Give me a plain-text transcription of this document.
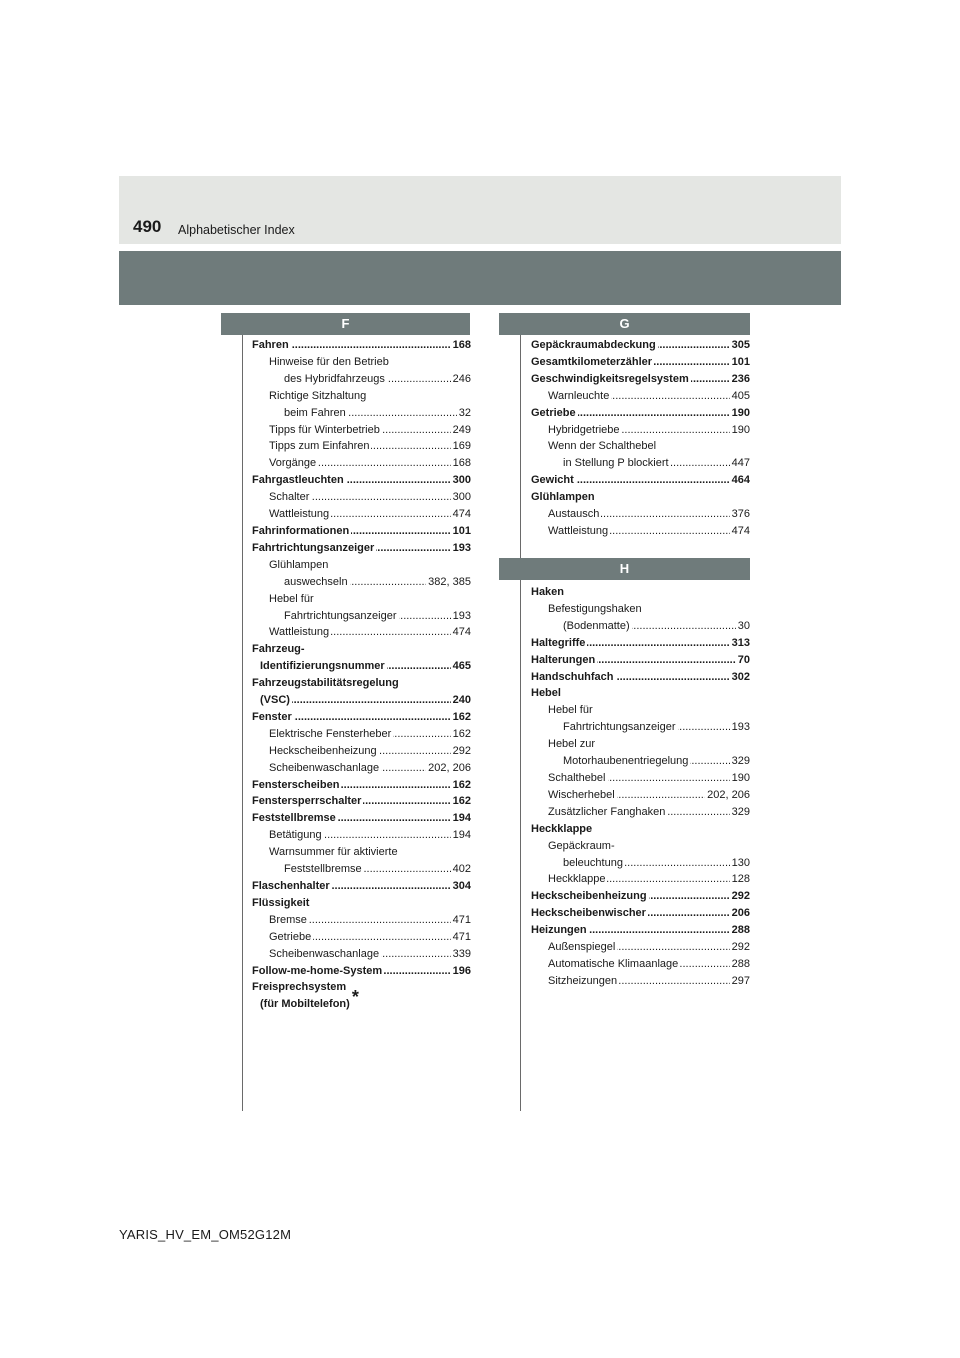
490 Alphabetischer Index
F	G
H
Fahren	168
.....
Hinweise für den Betrieb
des Hybridfahrzeugs	246
.....
Richtige Sitzhaltung
beim Fahren	32
.....
Tipps für Winterbetrieb	249
.....
Tipps zum Einfahren	169
.....
Vorgänge	168
.....
Fahrgastleuchten	300
.....
Schalter	300
.....
Wattleistung	474
.....
Fahrinformationen	101
.....
Fahrtrichtungsanzeiger	193
.....
Glühlampen
auswechseln	382, 385
.....
Hebel für
Fahrtrichtungsanzeiger	193
.....
Wattleistung	474
.....
Fahrzeug-
Identifizierungsnummer	465
.....
Fahrzeugstabilitätsregelung
(VSC)	240
.....
Fenster	162
.....
Elektrische Fensterheber	162
.....
Heckscheibenheizung	292
.....
Scheibenwaschanlage	202, 206
.....
Fensterscheiben	162
.....
Fenstersperrschalter	162
.....
Feststellbremse	194
.....
Betätigung	194
.....
Warnsummer für aktivierte
Feststellbremse	402
.....
Flaschenhalter	304
.....
Flüssigkeit
Bremse	471
.....
Getriebe	471
.....
Scheibenwaschanlage	339
.....
Follow-me-home-System	196
.....
Freisprechsystem
(für Mobiltelefon) *
Gepäckraumabdeckung	305
.....
Gesamtkilometerzähler	101
.....
Geschwindigkeitsregelsystem	236
.....
Warnleuchte	405
.....
Getriebe	190
.....
Hybridgetriebe	190
.....
Wenn der Schalthebel
in Stellung P blockiert	447
.....
Gewicht	464
.....
Glühlampen
Austausch	376
.....
Wattleistung	474
.....
Haken
Befestigungshaken
(Bodenmatte)	30
.....
Haltegriffe	313
.....
Halterungen	70
.....
Handschuhfach	302
.....
Hebel
Hebel für
Fahrtrichtungsanzeiger	193
.....
Hebel zur
Motorhaubenentriegelung	329
.....
Schalthebel	190
.....
Wischerhebel	202, 206
.....
Zusätzlicher Fanghaken	329
.....
Heckklappe
Gepäckraum-
beleuchtung	130
.....
Heckklappe	128
.....
Heckscheibenheizung	292
.....
Heckscheibenwischer	206
.....
Heizungen	288
.....
Außenspiegel	292
.....
Automatische Klimaanlage	288
.....
Sitzheizungen	297
.....
YARIS_HV_EM_OM52G12M
